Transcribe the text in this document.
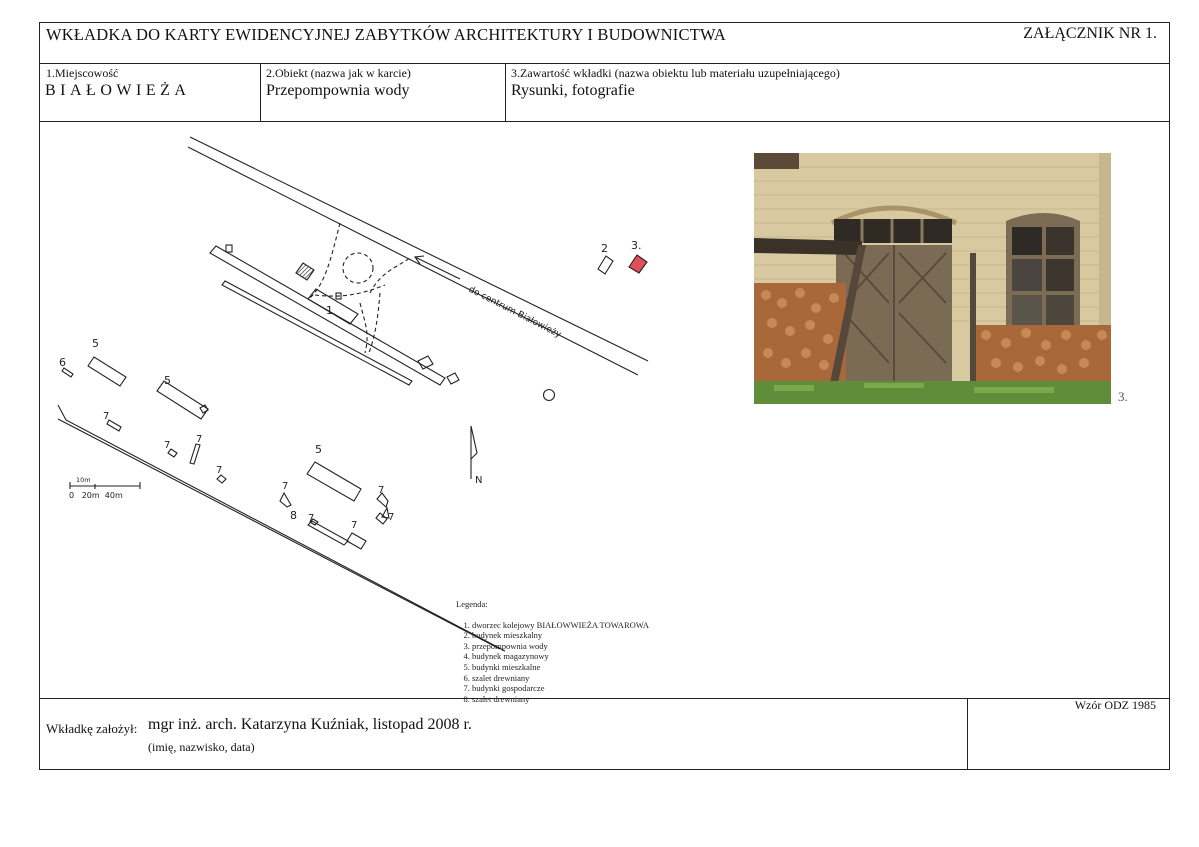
WKŁADKA DO KARTY EWIDENCYJNEJ ZABYTKÓW ARCHITEKTURY I BUDOWNICTWA	ZAŁĄCZNIK NR 1.
1.Miejscowość
BIAŁOWIEŻA
2.Obiekt (nazwa jak w karcie)
Przepompownia wody
3.Zawartość wkładki (nazwa obiektu lub materiału uzupełniającego)
Rysunki, fotografie
1
2 3.
5
5
5
6
8
7
7
7
7
7
7
7
7
7
N
10m
0   20m  40m
do centrum Białowieży
Legenda:
1. dworzec kolejowy BIAŁOWWIEŻA TOWAROWA
2. budynek mieszkalny
3. przepompownia wody
4. budynek magazynowy
5. budynki mieszkalne
6. szalet drewniany
7. budynki gospodarcze
8. szalet drewniany
3.
Wkładkę założył: mgr inż. arch. Katarzyna Kuźniak, listopad 2008 r.
(imię, nazwisko, data)
Wzór ODZ 1985
